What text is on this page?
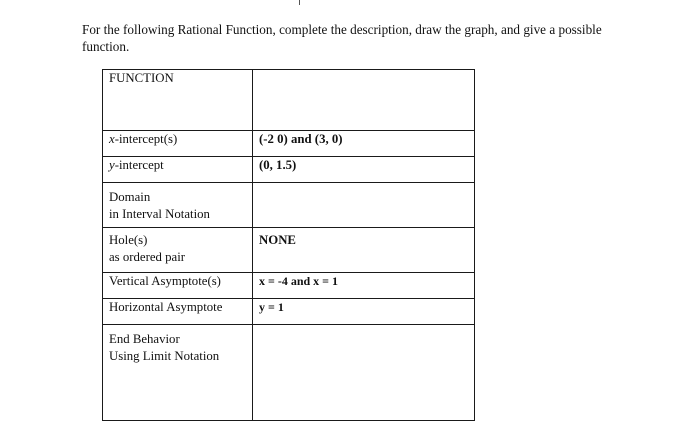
For the following Rational Function, complete the description, draw the graph, and give a possible function.

FUNCTION	
x-intercept(s)	(-2 0) and (3, 0)
y-intercept	(0, 1.5)

Domain
in Interval Notation	

Hole(s)
as ordered pair	NONE

Vertical Asymptote(s)	x = -4 and x = 1
Horizontal Asymptote	y = 1

End Behavior
Using Limit Notation	
